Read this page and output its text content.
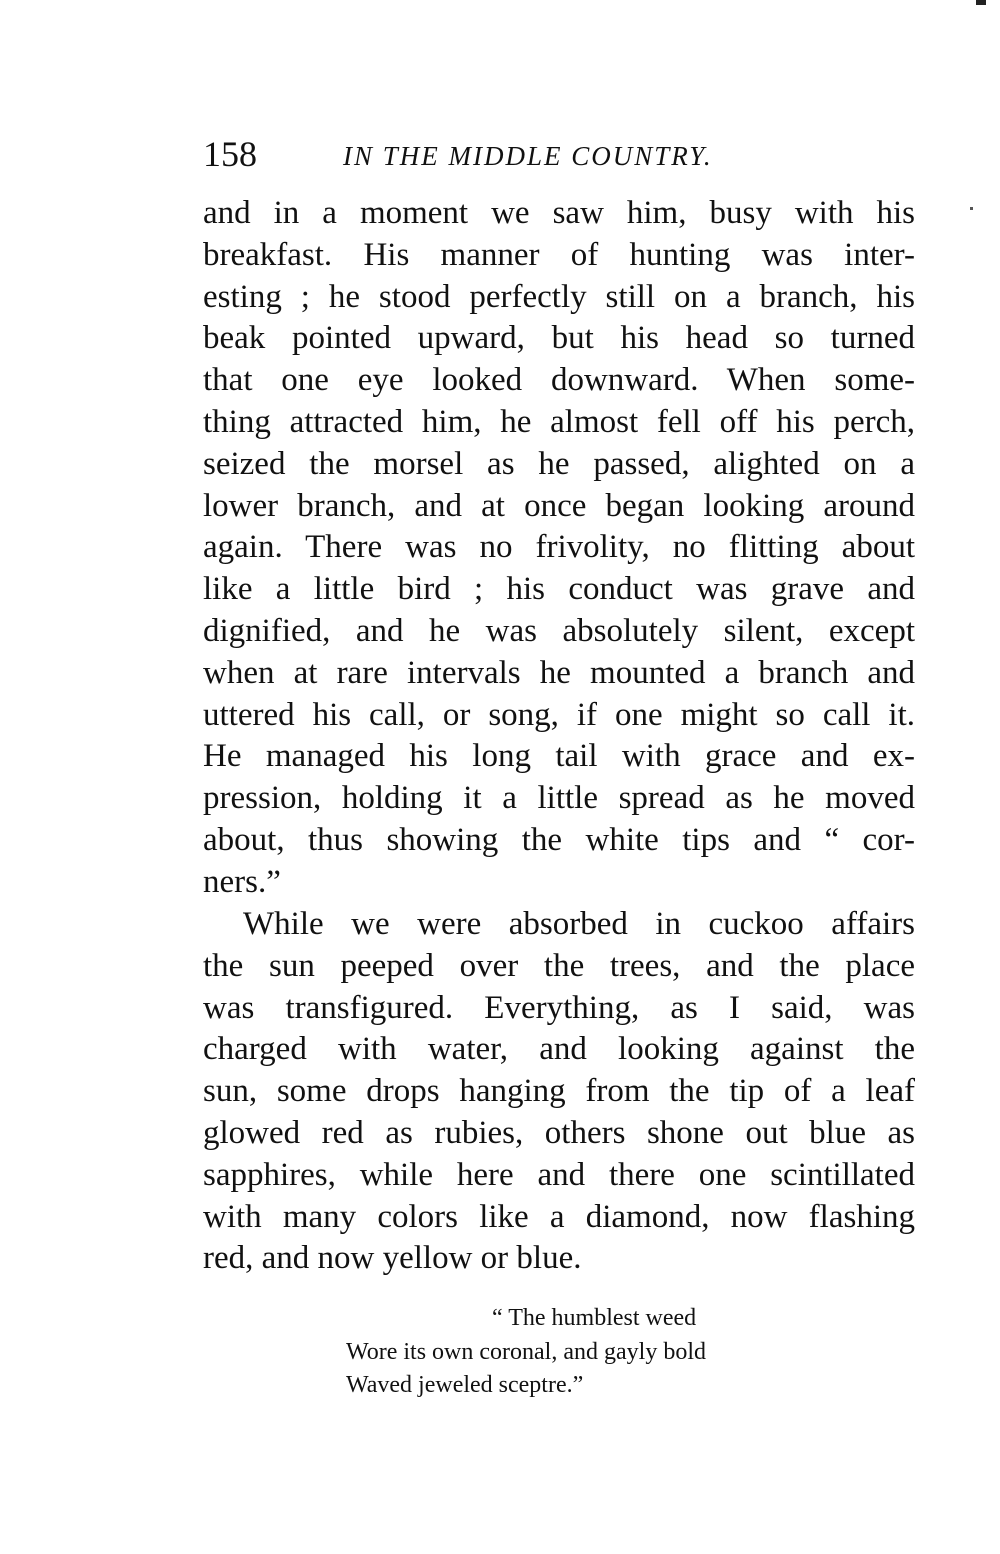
158	IN THE MIDDLE COUNTRY.
and in a moment we saw him, busy with his
breakfast. His manner of hunting was inter-
esting ; he stood perfectly still on a branch, his
beak pointed upward, but his head so turned
that one eye looked downward. When some-
thing attracted him, he almost fell off his perch,
seized the morsel as he passed, alighted on a
lower branch, and at once began looking around
again. There was no frivolity, no flitting about
like a little bird ; his conduct was grave and
dignified, and he was absolutely silent, except
when at rare intervals he mounted a branch and
uttered his call, or song, if one might so call it.
He managed his long tail with grace and ex-
pression, holding it a little spread as he moved
about, thus showing the white tips and “ cor-
ners.”
While we were absorbed in cuckoo affairs
the sun peeped over the trees, and the place
was transfigured. Everything, as I said, was
charged with water, and looking against the
sun, some drops hanging from the tip of a leaf
glowed red as rubies, others shone out blue as
sapphires, while here and there one scintillated
with many colors like a diamond, now flashing
red, and now yellow or blue.
“ The humblest weed
Wore its own coronal, and gayly bold
Waved jeweled sceptre.”
